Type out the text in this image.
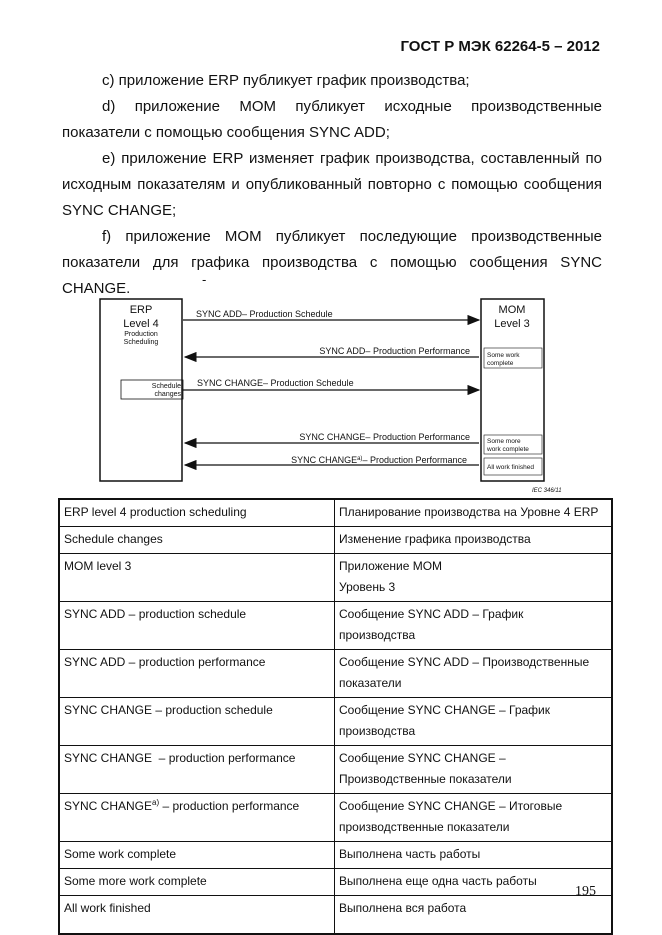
ГОСТ Р МЭК 62264-5 – 2012
c) приложение ERP публикует график производства;
d) приложение MOM публикует исходные производственные показатели с помощью сообщения SYNC ADD;
e) приложение ERP изменяет график производства, составленный по исходным показателям и опубликованный повторно с помощью сообщения SYNC CHANGE;
f) приложение MOM публикует последующие производственные показатели для графика производства с помощью сообщения SYNC CHANGE.
-
ERP
Level 4
Production
Scheduling
MOM
Level 3
Schedule
changes
SYNC ADD– Production Schedule
SYNC ADD– Production Performance
SYNC CHANGE– Production Schedule
SYNC CHANGE– Production Performance
SYNC CHANGE$^{a)}$– Production Performance
Some work
complete
Some more
work complete
All work finished
IEC 346/11
ERP level 4 production scheduling	Планирование производства на Уровне 4 ERP
Schedule changes	Изменение графика производства
MOM level 3	Приложение MOM
Уровень 3

SYNC ADD – production schedule	Сообщение SYNC ADD – График
производства

SYNC ADD – production performance	Сообщение SYNC ADD – Производственные
показатели

SYNC CHANGE – production schedule	Сообщение SYNC CHANGE – График
производства

SYNC CHANGE  – production performance	Сообщение SYNC CHANGE –
Производственные показатели

SYNC CHANGE$^{a)}$ – production performance	Сообщение SYNC CHANGE – Итоговые
производственные показатели

Some work complete	Выполнена часть работы
Some more work complete	Выполнена еще одна часть работы
All work finished	Выполнена вся работа
195
